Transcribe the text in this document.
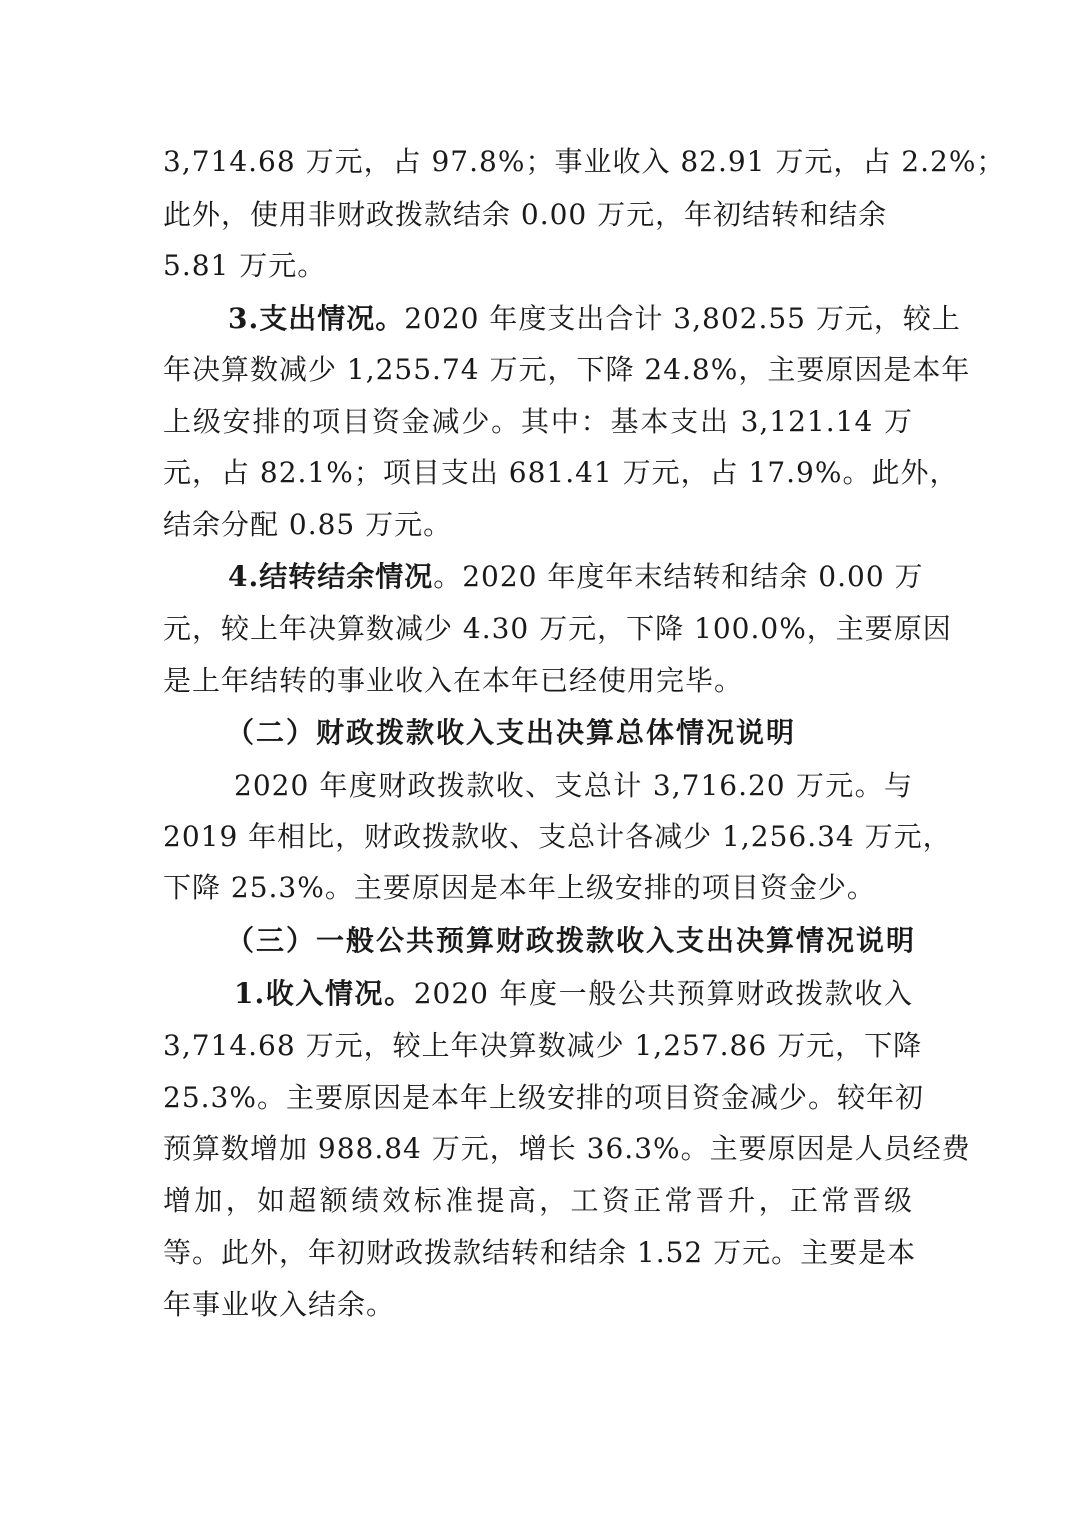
3,714.68 万元，占 97.8%；事业收入 82.91 万元，占 2.2%；
此外，使用非财政拨款结余 0.00 万元，年初结转和结余
5.81 万元。
3.支出情况。2020 年度支出合计 3,802.55 万元，较上
年决算数减少 1,255.74 万元，下降 24.8%，主要原因是本年
上级安排的项目资金减少。其中：基本支出 3,121.14 万
元，占 82.1%；项目支出 681.41 万元，占 17.9%。此外，
结余分配 0.85 万元。
4.结转结余情况。2020 年度年末结转和结余 0.00 万
元，较上年决算数减少 4.30 万元，下降 100.0%，主要原因
是上年结转的事业收入在本年已经使用完毕。
（二）财政拨款收入支出决算总体情况说明
2020 年度财政拨款收、支总计 3,716.20 万元。与
2019 年相比，财政拨款收、支总计各减少 1,256.34 万元，
下降 25.3%。主要原因是本年上级安排的项目资金少。
（三）一般公共预算财政拨款收入支出决算情况说明
1.收入情况。2020 年度一般公共预算财政拨款收入
3,714.68 万元，较上年决算数减少 1,257.86 万元，下降
25.3%。主要原因是本年上级安排的项目资金减少。较年初
预算数增加 988.84 万元，增长 36.3%。主要原因是人员经费
增加，如超额绩效标准提高，工资正常晋升，正常晋级
等。此外，年初财政拨款结转和结余 1.52 万元。主要是本
年事业收入结余。
